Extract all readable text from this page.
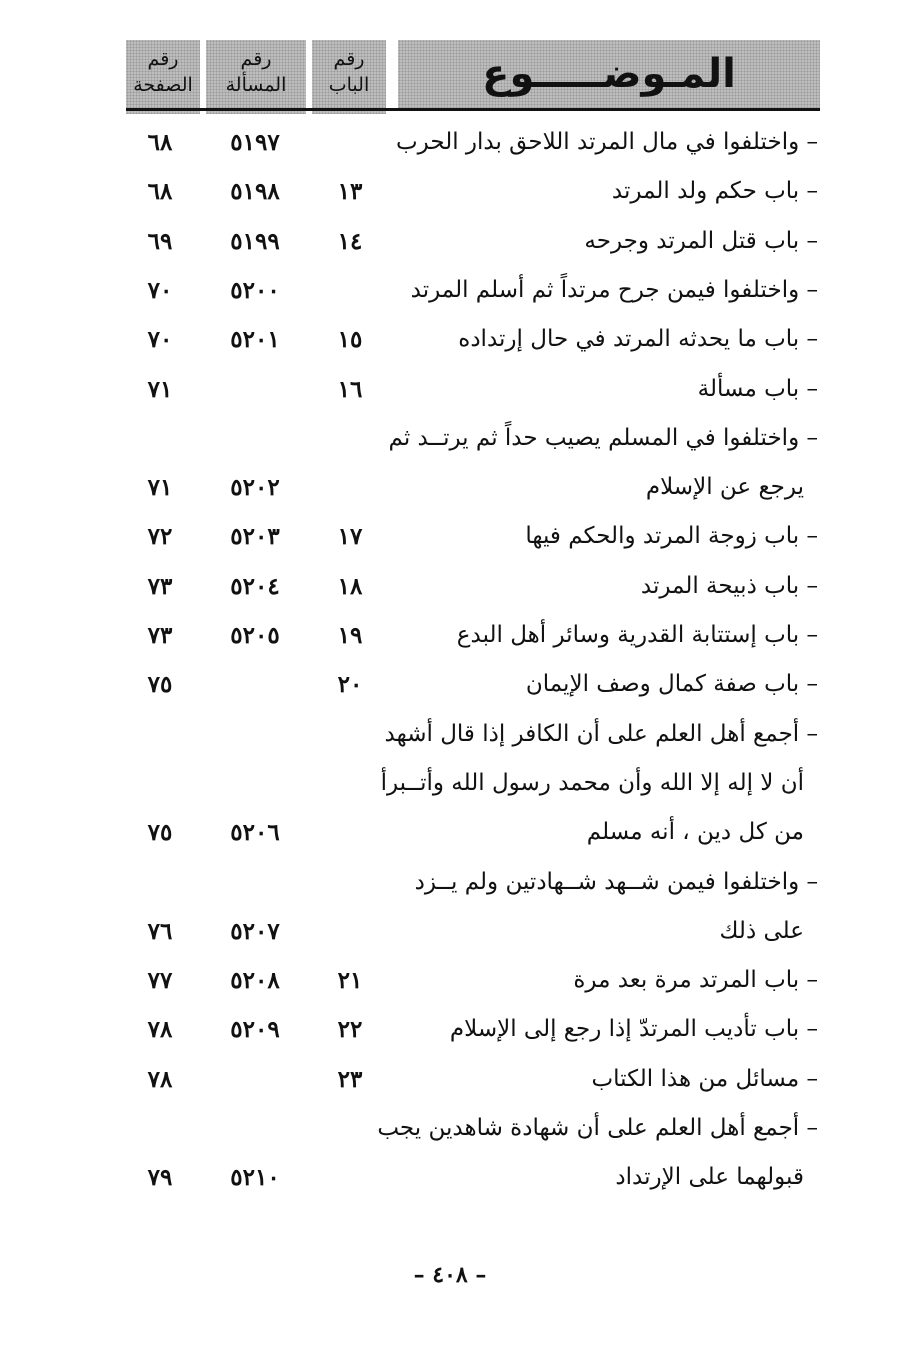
رقم
الصفحة
رقم
المسألة
رقم
الباب	المـوضـــــوع
– واختلفوا في مال المرتد اللاحق بدار الحرب
٥١٩٧
٦٨
– باب حكم ولد المرتد
١٣
٥١٩٨
٦٨
– باب قتل المرتد وجرحه
١٤
٥١٩٩
٦٩
– واختلفوا فيمن جرح مرتداً ثم أسلم المرتد
٥٢٠٠
٧٠
– باب ما يحدثه المرتد في حال إرتداده
١٥
٥٢٠١
٧٠
– باب مسألة
١٦
٧١
– واختلفوا في المسلم يصيب حداً ثم يرتــد ثم
يرجع عن الإسلام
٥٢٠٢
٧١
– باب زوجة المرتد والحكم فيها
١٧
٥٢٠٣
٧٢
– باب ذبيحة المرتد
١٨
٥٢٠٤
٧٣
– باب إستتابة القدرية وسائر أهل البدع
١٩
٥٢٠٥
٧٣
– باب صفة كمال وصف الإيمان
٢٠
٧٥
– أجمع أهل العلم على أن الكافر إذا قال أشهد
أن لا إله إلا الله وأن محمد رسول الله وأتــبرأ
من كل دين ، أنه مسلم
٥٢٠٦
٧٥
– واختلفوا فيمن شــهد شــهادتين ولم يــزد
على ذلك
٥٢٠٧
٧٦
– باب المرتد مرة بعد مرة
٢١
٥٢٠٨
٧٧
– باب تأديب المرتدّ إذا رجع إلى الإسلام
٢٢
٥٢٠٩
٧٨
– مسائل من هذا الكتاب
٢٣
٧٨
– أجمع أهل العلم على أن شهادة شاهدين يجب
قبولهما على الإرتداد
٥٢١٠
٧٩
– ٤٠٨ –
